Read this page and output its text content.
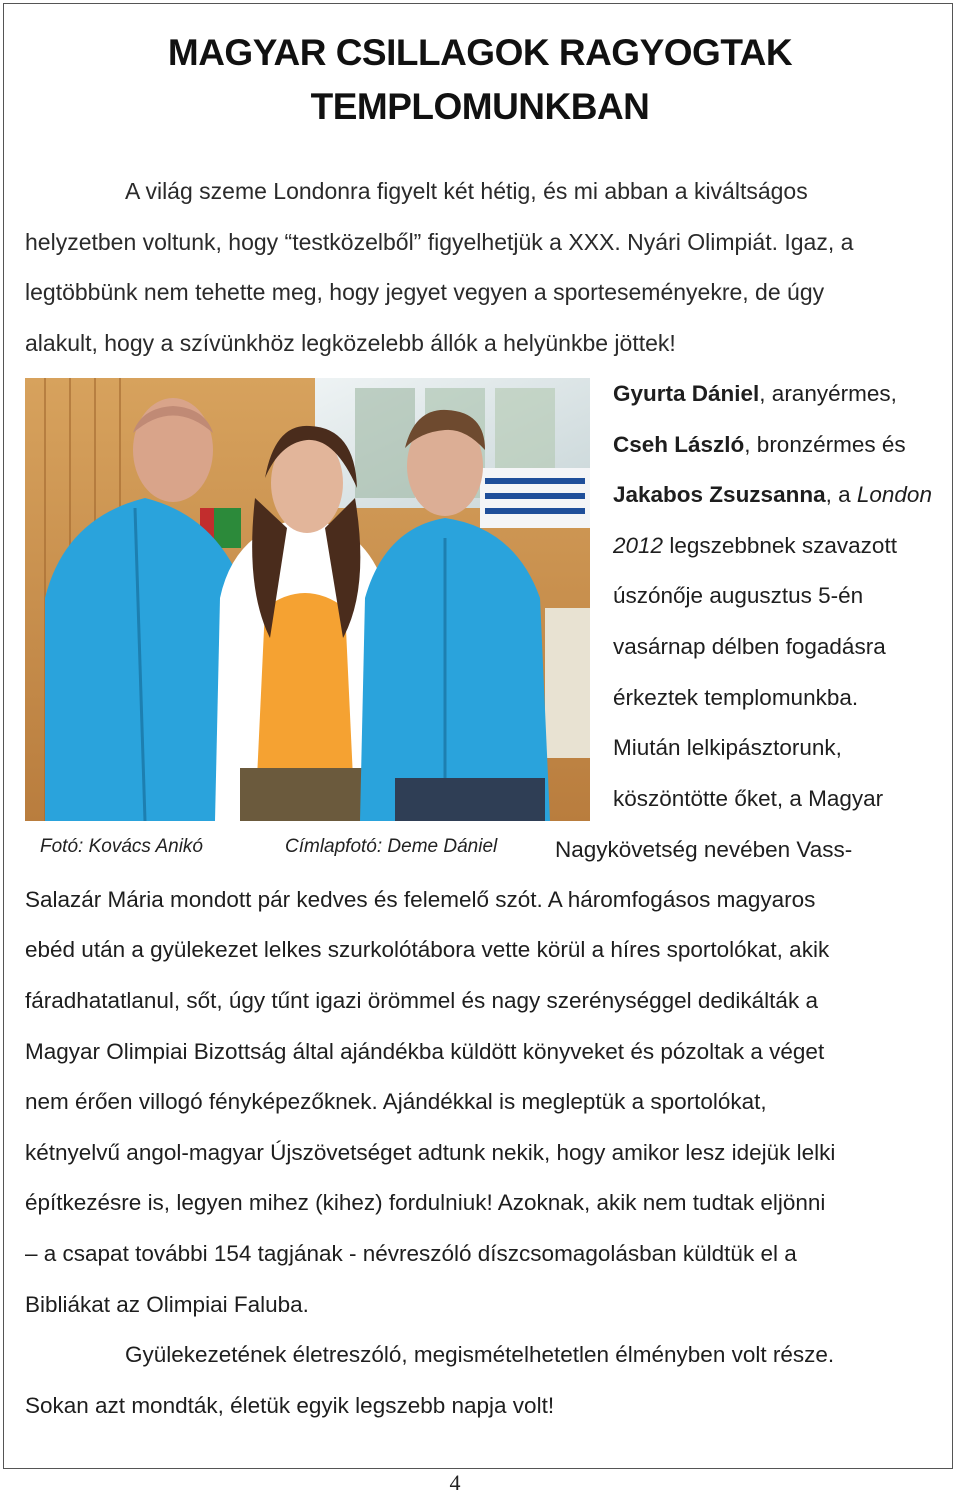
MAGYAR CSILLAGOK RAGYOGTAK
TEMPLOMUNKBAN
A világ szeme Londonra figyelt két hétig, és mi abban a kiváltságos
helyzetben voltunk, hogy “testközelből” figyelhetjük a XXX. Nyári Olimpiát. Igaz, a
legtöbbünk nem tehette meg, hogy jegyet vegyen a sporteseményekre, de úgy
alakult, hogy a szívünkhöz legközelebb állók a helyünkbe jöttek!
Gyurta Dániel, aranyérmes,
Cseh László, bronzérmes és
Jakabos Zsuzsanna, a London
2012 legszebbnek szavazott
úszónője augusztus 5-én
vasárnap délben fogadásra
érkeztek templomunkba.
Miután lelkipásztorunk,
köszöntötte őket, a Magyar
Fotó: Kovács Anikó	Címlapfotó: Deme Dániel	Nagykövetség nevében Vass-
Salazár Mária mondott pár kedves és felemelő szót. A háromfogásos magyaros
ebéd után a gyülekezet lelkes szurkolótábora vette körül a híres sportolókat, akik
fáradhatatlanul, sőt, úgy tűnt igazi örömmel és nagy szerénységgel dedikálták a
Magyar Olimpiai Bizottság által ajándékba küldött könyveket és pózoltak a véget
nem érően villogó fényképezőknek. Ajándékkal is megleptük a sportolókat,
kétnyelvű angol-magyar Újszövetséget adtunk nekik, hogy amikor lesz idejük lelki
építkezésre is, legyen mihez (kihez) fordulniuk! Azoknak, akik nem tudtak eljönni
– a csapat további 154 tagjának - névreszóló díszcsomagolásban küldtük el a
Bibliákat az Olimpiai Faluba.
Gyülekezetének életreszóló, megismételhetetlen élményben volt része.
Sokan azt mondták, életük egyik legszebb napja volt!
4
